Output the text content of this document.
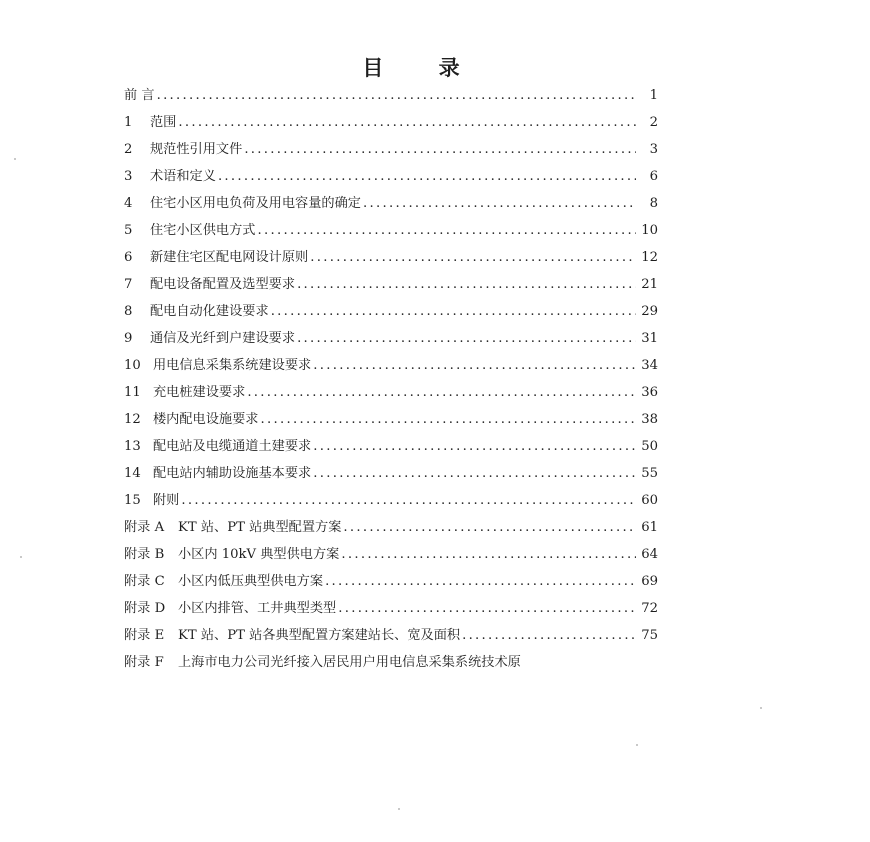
目 录
前 言 .....	1
1	范围 .....	2
2	规范性引用文件 .....	3
3	术语和定义 .....	6
4	住宅小区用电负荷及用电容量的确定 .....	8
5	住宅小区供电方式 .....	10
6	新建住宅区配电网设计原则 .....	12
7	配电设备配置及选型要求 .....	21
8	配电自动化建设要求 .....	29
9	通信及光纤到户建设要求 .....	31
10 用电信息采集系统建设要求 .....	34
11 充电桩建设要求 .....	36
12 楼内配电设施要求 .....	38
13 配电站及电缆通道土建要求 .....	50
14 配电站内辅助设施基本要求 .....	55
15 附则 .....	60
附录 A	KT 站、PT 站典型配置方案 .....	61
附录 B	小区内 10kV 典型供电方案 .....	64
附录 C	小区内低压典型供电方案 .....	69
附录 D 小区内排管、工井典型类型 .....	72
附录 E	KT 站、PT 站各典型配置方案建站长、宽及面积 .....	75
附录 F	上海市电力公司光纤接入居民用户用电信息采集系统技术原
